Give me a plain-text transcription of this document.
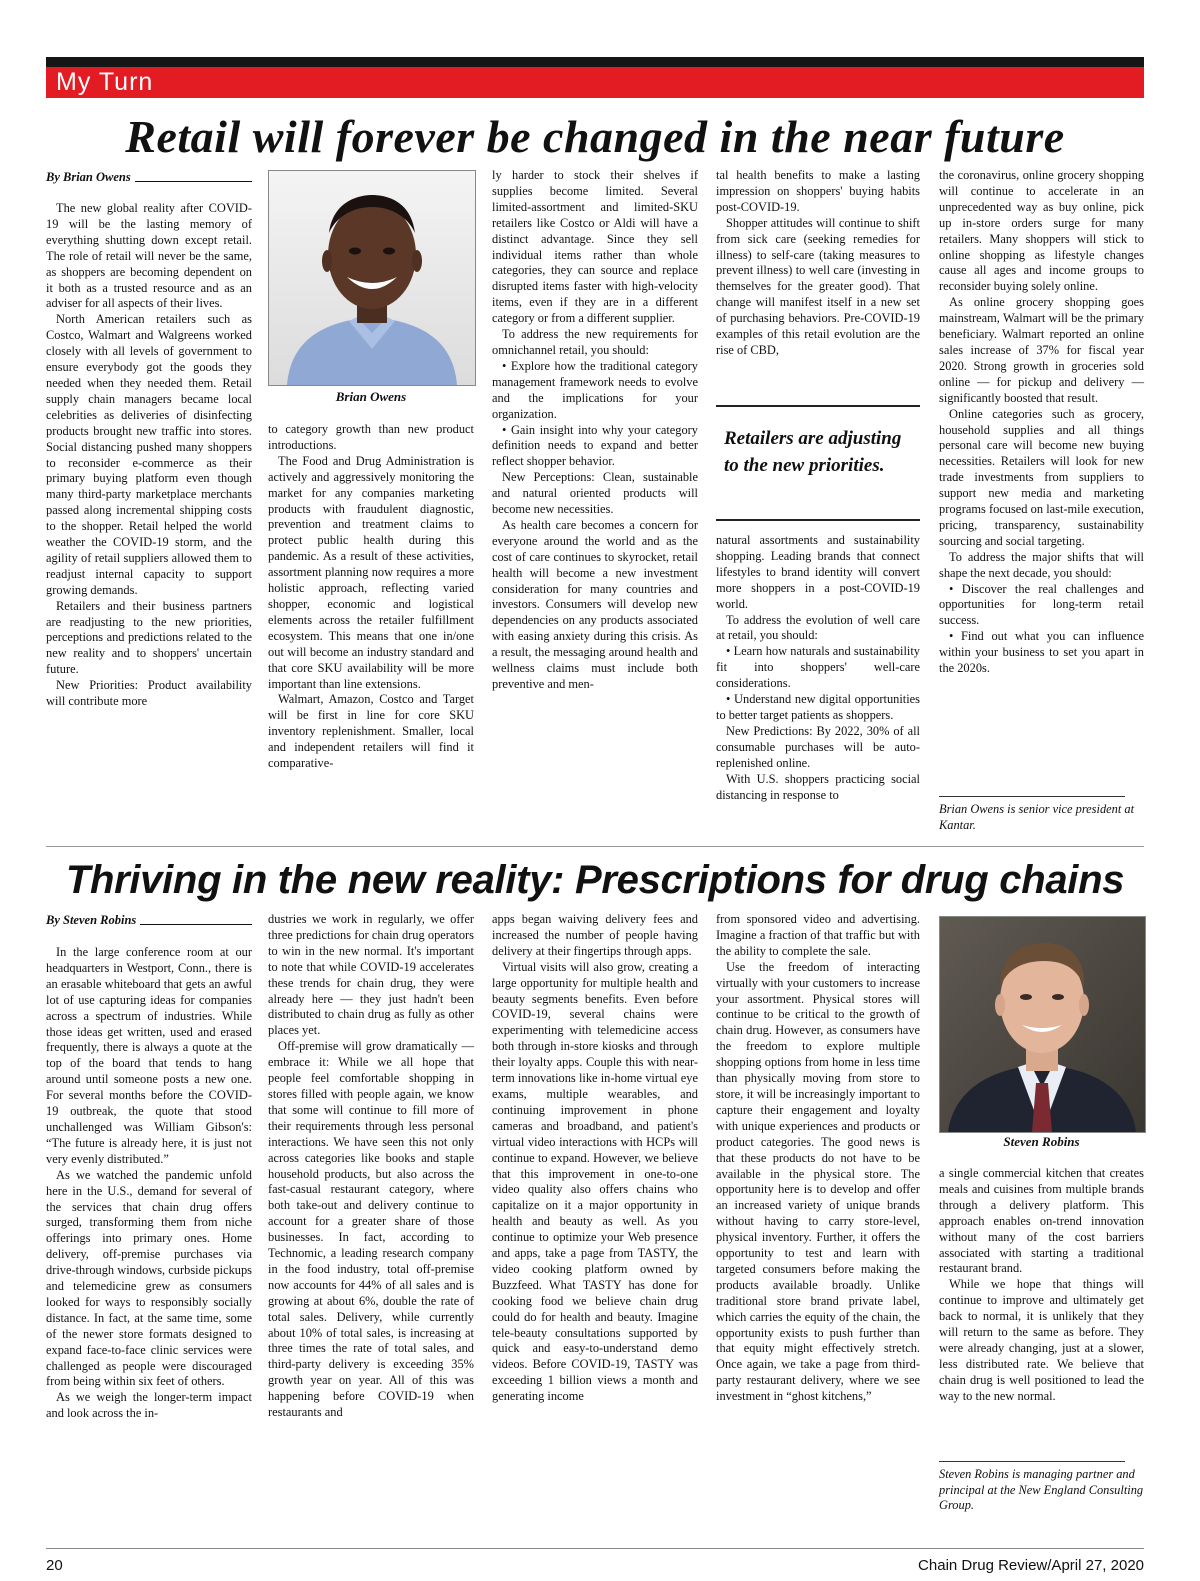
My Turn
Retail will forever be changed in the near future
By Brian Owens

The new global reality after COVID-19 will be the lasting memory of everything shutting down except retail. The role of retail will never be the same, as shoppers are becoming dependent on it both as a trusted resource and as an adviser for all aspects of their lives.

North American retailers such as Costco, Walmart and Walgreens worked closely with all levels of government to ensure everybody got the goods they needed when they needed them. Retail supply chain managers became local celebrities as deliveries of disinfecting products brought new traffic into stores. Social distancing pushed many shoppers to reconsider e-commerce as their primary buying platform even though many third-party marketplace merchants passed along incremental shipping costs to the shopper. Retail helped the world weather the COVID-19 storm, and the agility of retail suppliers allowed them to readjust internal capacity to support growing demands.

Retailers and their business partners are readjusting to the new priorities, perceptions and predictions related to the new reality and to shoppers' uncertain future.

New Priorities: Product availability will contribute more

Brian Owens

to category growth than new product introductions.

The Food and Drug Administration is actively and aggressively monitoring the market for any companies marketing products with fraudulent diagnostic, prevention and treatment claims to protect public health during this pandemic. As a result of these activities, assortment planning now requires a more holistic approach, reflecting varied shopper, economic and logistical elements across the retailer fulfillment ecosystem. This means that one in/one out will become an industry standard and that core SKU availability will be more important than line extensions.

Walmart, Amazon, Costco and Target will be first in line for core SKU inventory replenishment. Smaller, local and independent retailers will find it comparative-

ly harder to stock their shelves if supplies become limited. Several limited-assortment and limited-SKU retailers like Costco or Aldi will have a distinct advantage. Since they sell individual items rather than whole categories, they can source and replace disrupted items faster with high-velocity items, even if they are in a different category or from a different supplier.

To address the new requirements for omnichannel retail, you should:

• Explore how the traditional category management framework needs to evolve and the implications for your organization.

• Gain insight into why your category definition needs to expand and better reflect shopper behavior.

New Perceptions: Clean, sustainable and natural oriented products will become new necessities.

As health care becomes a concern for everyone around the world and as the cost of care continues to skyrocket, retail health will become a new investment consideration for many countries and investors. Consumers will develop new dependencies on any products associated with easing anxiety during this crisis. As a result, the messaging around health and wellness claims must include both preventive and men-

tal health benefits to make a lasting impression on shoppers' buying habits post-COVID-19.

Shopper attitudes will continue to shift from sick care (seeking remedies for illness) to self-care (taking measures to prevent illness) to well care (investing in themselves for the greater good). That change will manifest itself in a new set of purchasing behaviors. Pre-COVID-19 examples of this retail evolution are the rise of CBD,

Retailers are adjusting to the new priorities.

natural assortments and sustainability shopping. Leading brands that connect lifestyles to brand identity will convert more shoppers in a post-COVID-19 world.

To address the evolution of well care at retail, you should:

• Learn how naturals and sustainability fit into shoppers' well-care considerations.

• Understand new digital opportunities to better target patients as shoppers.

New Predictions: By 2022, 30% of all consumable purchases will be auto-replenished online.

With U.S. shoppers practicing social distancing in response to

the coronavirus, online grocery shopping will continue to accelerate in an unprecedented way as buy online, pick up in-store orders surge for many retailers. Many shoppers will stick to online shopping as lifestyle changes cause all ages and income groups to reconsider buying solely online.

As online grocery shopping goes mainstream, Walmart will be the primary beneficiary. Walmart reported an online sales increase of 37% for fiscal year 2020. Strong growth in groceries sold online — for pickup and delivery — significantly boosted that result.

Online categories such as grocery, household supplies and all things personal care will become new buying necessities. Retailers will look for new trade investments from suppliers to support new media and marketing programs focused on last-mile execution, pricing, transparency, sustainability sourcing and social targeting.

To address the major shifts that will shape the next decade, you should:

• Discover the real challenges and opportunities for long-term retail success.

• Find out what you can influence within your business to set you apart in the 2020s.

Brian Owens is senior vice president at Kantar.
Thriving in the new reality: Prescriptions for drug chains
By Steven Robins

In the large conference room at our headquarters in Westport, Conn., there is an erasable whiteboard that gets an awful lot of use capturing ideas for companies across a spectrum of industries. While those ideas get written, used and erased frequently, there is always a quote at the top of the board that tends to hang around until someone posts a new one. For several months before the COVID-19 outbreak, the quote that stood unchallenged was William Gibson's: “The future is already here, it is just not very evenly distributed.”

As we watched the pandemic unfold here in the U.S., demand for several of the services that chain drug offers surged, transforming them from niche offerings into primary ones. Home delivery, off-premise purchases via drive-through windows, curbside pickups and telemedicine grew as consumers looked for ways to responsibly socially distance. In fact, at the same time, some of the newer store formats designed to expand face-to-face clinic services were challenged as people were discouraged from being within six feet of others.

As we weigh the longer-term impact and look across the in-

dustries we work in regularly, we offer three predictions for chain drug operators to win in the new normal. It's important to note that while COVID-19 accelerates these trends for chain drug, they were already here — they just hadn't been distributed to chain drug as fully as other places yet.

Off-premise will grow dramatically — embrace it: While we all hope that people feel comfortable shopping in stores filled with people again, we know that some will continue to fill more of their requirements through less personal interactions. We have seen this not only across categories like books and staple household products, but also across the fast-casual restaurant category, where both take-out and delivery continue to account for a greater share of those businesses. In fact, according to Technomic, a leading research company in the food industry, total off-premise now accounts for 44% of all sales and is growing at about 6%, double the rate of total sales. Delivery, while currently about 10% of total sales, is increasing at three times the rate of total sales, and third-party delivery is exceeding 35% growth year on year. All of this was happening before COVID-19 when restaurants and

apps began waiving delivery fees and increased the number of people having delivery at their fingertips through apps.

Virtual visits will also grow, creating a large opportunity for multiple health and beauty segments benefits. Even before COVID-19, several chains were experimenting with telemedicine access both through in-store kiosks and through their loyalty apps. Couple this with near-term innovations like in-home virtual eye exams, multiple wearables, and continuing improvement in phone cameras and broadband, and patient's virtual video interactions with HCPs will continue to expand. However, we believe that this improvement in one-to-one video quality also offers chains who capitalize on it a major opportunity in health and beauty as well. As you continue to optimize your Web presence and apps, take a page from TASTY, the video cooking platform owned by Buzzfeed. What TASTY has done for cooking food we believe chain drug could do for health and beauty. Imagine tele-beauty consultations supported by quick and easy-to-understand demo videos. Before COVID-19, TASTY was exceeding 1 billion views a month and generating income

from sponsored video and advertising. Imagine a fraction of that traffic but with the ability to complete the sale.

Use the freedom of interacting virtually with your customers to increase your assortment. Physical stores will continue to be critical to the growth of chain drug. However, as consumers have the freedom to explore multiple shopping options from home in less time than physically moving from store to store, it will be increasingly important to capture their engagement and loyalty with unique experiences and products or product categories. The good news is that these products do not have to be available in the physical store. The opportunity here is to develop and offer an increased variety of unique brands without having to carry store-level, physical inventory. Further, it offers the opportunity to test and learn with targeted consumers before making the products available broadly. Unlike traditional store brand private label, which carries the equity of the chain, the opportunity exists to push further than that equity might effectively stretch. Once again, we take a page from third-party restaurant delivery, where we see investment in “ghost kitchens,”

Steven Robins

a single commercial kitchen that creates meals and cuisines from multiple brands through a delivery platform. This approach enables on-trend innovation without many of the cost barriers associated with starting a traditional restaurant brand.

While we hope that things will continue to improve and ultimately get back to normal, it is unlikely that they will return to the same as before. They were already changing, just at a slower, less distributed rate. We believe that chain drug is well positioned to lead the way to the new normal.

Steven Robins is managing partner and principal at the New England Consulting Group.
20	Chain Drug Review/April 27, 2020
